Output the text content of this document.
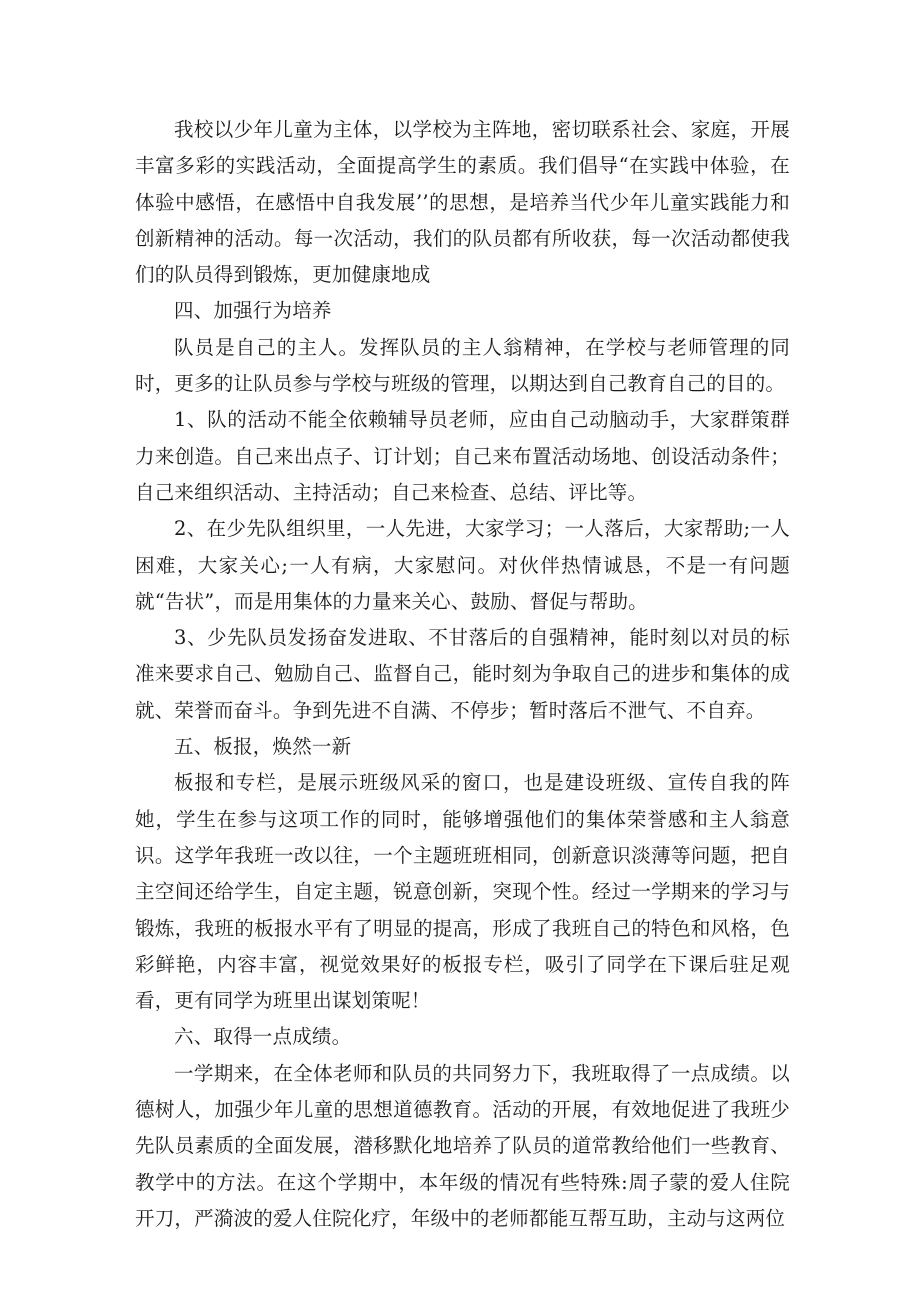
我校以少年儿童为主体，以学校为主阵地，密切联系社会、家庭，开展丰富多彩的实践活动，全面提高学生的素质。我们倡导“在实践中体验，在体验中感悟，在感悟中自我发展’’的思想，是培养当代少年儿童实践能力和创新精神的活动。每一次活动，我们的队员都有所收获，每一次活动都使我们的队员得到锻炼，更加健康地成

四、加强行为培养

队员是自己的主人。发挥队员的主人翁精神，在学校与老师管理的同时，更多的让队员参与学校与班级的管理，以期达到自己教育自己的目的。

1、队的活动不能全依赖辅导员老师，应由自己动脑动手，大家群策群力来创造。自己来出点子、订计划；自己来布置活动场地、创设活动条件；自己来组织活动、主持活动；自己来检查、总结、评比等。

2、在少先队组织里，一人先进，大家学习；一人落后，大家帮助;一人困难，大家关心;一人有病，大家慰问。对伙伴热情诚恳，不是一有问题就“告状”，而是用集体的力量来关心、鼓励、督促与帮助。

3、少先队员发扬奋发进取、不甘落后的自强精神，能时刻以对员的标准来要求自己、勉励自己、监督自己，能时刻为争取自己的进步和集体的成就、荣誉而奋斗。争到先进不自满、不停步；暂时落后不泄气、不自弃。

五、板报，焕然一新

板报和专栏，是展示班级风采的窗口，也是建设班级、宣传自我的阵她，学生在参与这项工作的同时，能够增强他们的集体荣誉感和主人翁意识。这学年我班一改以往，一个主题班班相同，创新意识淡薄等问题，把自主空间还给学生，自定主题，锐意创新，突现个性。经过一学期来的学习与锻炼，我班的板报水平有了明显的提高，形成了我班自己的特色和风格，色彩鲜艳，内容丰富，视觉效果好的板报专栏，吸引了同学在下课后驻足观看，更有同学为班里出谋划策呢！

六、取得一点成绩。

一学期来，在全体老师和队员的共同努力下，我班取得了一点成绩。以德树人，加强少年儿童的思想道德教育。活动的开展，有效地促进了我班少先队员素质的全面发展，潜移默化地培养了队员的道常教给他们一些教育、教学中的方法。在这个学期中，本年级的情况有些特殊:周子蒙的爱人住院开刀，严漪波的爱人住院化疗，年级中的老师都能互帮互助，主动与这两位
